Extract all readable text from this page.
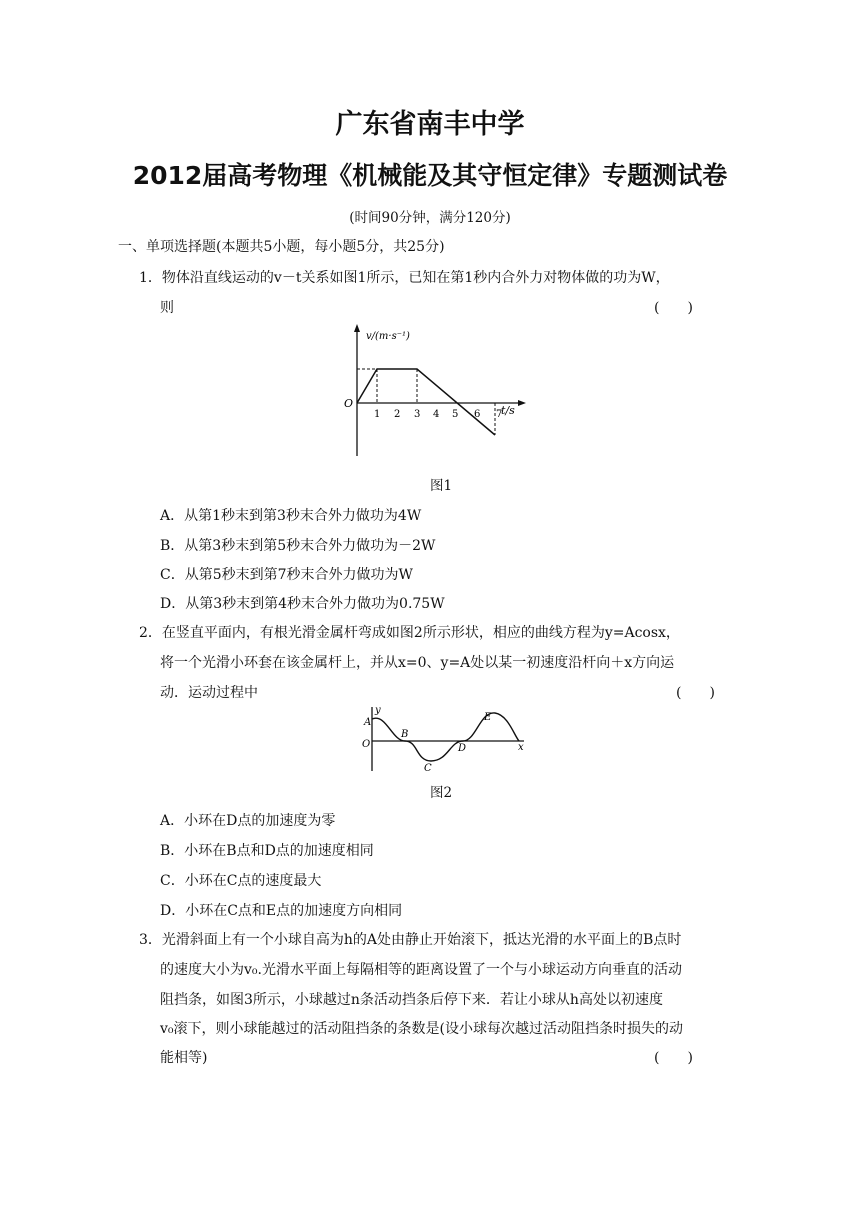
广东省南丰中学
2012届高考物理《机械能及其守恒定律》专题测试卷
(时间90分钟，满分120分)
一、单项选择题(本题共5小题，每小题5分，共25分)
1．物体沿直线运动的v－t关系如图1所示，已知在第1秒内合外力对物体做的功为W，
则	(　　)
v/(m·s⁻¹)
O
t/s
1 2 3 4 5 6 7
图1
A．从第1秒末到第3秒末合外力做功为4W
B．从第3秒末到第5秒末合外力做功为－2W
C．从第5秒末到第7秒末合外力做功为W
D．从第3秒末到第4秒末合外力做功为0.75W
2．在竖直平面内，有根光滑金属杆弯成如图2所示形状，相应的曲线方程为y=Acosx，
将一个光滑小环套在该金属杆上，并从x=0、y=A处以某一初速度沿杆向＋x方向运
动．运动过程中	(　　)
y
A
O
B
C
D
E
x
图2
A．小环在D点的加速度为零
B．小环在B点和D点的加速度相同
C．小环在C点的速度最大
D．小环在C点和E点的加速度方向相同
3．光滑斜面上有一个小球自高为h的A处由静止开始滚下，抵达光滑的水平面上的B点时
的速度大小为v₀.光滑水平面上每隔相等的距离设置了一个与小球运动方向垂直的活动
阻挡条，如图3所示，小球越过n条活动挡条后停下来．若让小球从h高处以初速度
v₀滚下，则小球能越过的活动阻挡条的条数是(设小球每次越过活动阻挡条时损失的动
能相等)	(　　)
